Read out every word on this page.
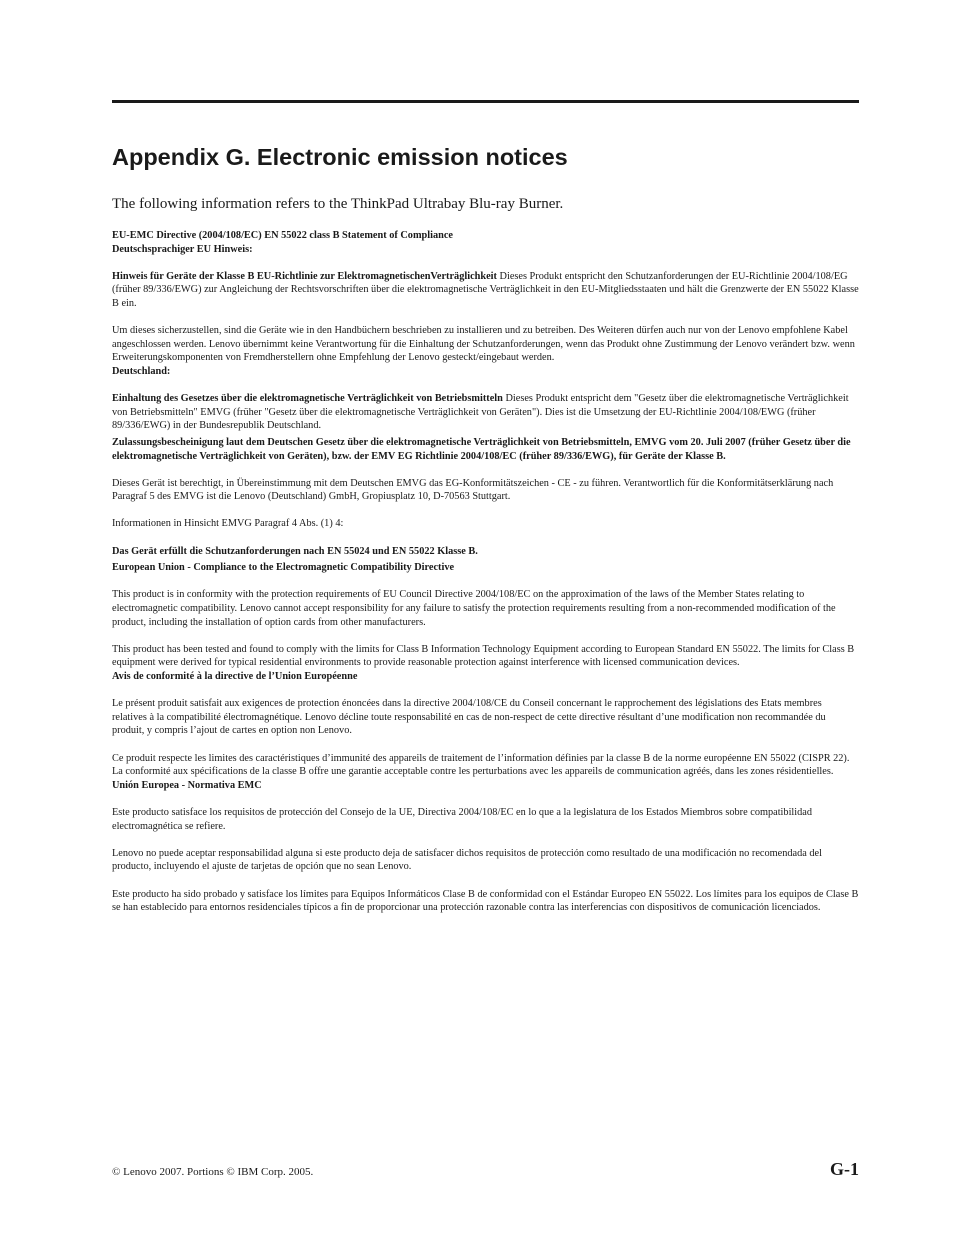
Appendix G. Electronic emission notices

The following information refers to the ThinkPad Ultrabay Blu-ray Burner.

EU-EMC Directive (2004/108/EC) EN 55022 class B Statement of Compliance

Deutschsprachiger EU Hinweis:

Hinweis für Geräte der Klasse B EU-Richtlinie zur ElektromagnetischenVerträglichkeit Dieses Produkt entspricht den Schutzanforderungen der EU-Richtlinie 2004/108/EG (früher 89/336/EWG) zur Angleichung der Rechtsvorschriften über die elektromagnetische Verträglichkeit in den EU-Mitgliedsstaaten und hält die Grenzwerte der EN 55022 Klasse B ein.

Um dieses sicherzustellen, sind die Geräte wie in den Handbüchern beschrieben zu installieren und zu betreiben. Des Weiteren dürfen auch nur von der Lenovo empfohlene Kabel angeschlossen werden. Lenovo übernimmt keine Verantwortung für die Einhaltung der Schutzanforderungen, wenn das Produkt ohne Zustimmung der Lenovo verändert bzw. wenn Erweiterungskomponenten von Fremdherstellern ohne Empfehlung der Lenovo gesteckt/eingebaut werden.

Deutschland:

Einhaltung des Gesetzes über die elektromagnetische Verträglichkeit von Betriebsmitteln Dieses Produkt entspricht dem "Gesetz über die elektromagnetische Verträglichkeit von Betriebsmitteln" EMVG (früher "Gesetz über die elektromagnetische Verträglichkeit von Geräten"). Dies ist die Umsetzung der EU-Richtlinie 2004/108/EWG (früher 89/336/EWG) in der Bundesrepublik Deutschland.

Zulassungsbescheinigung laut dem Deutschen Gesetz über die elektromagnetische Verträglichkeit von Betriebsmitteln, EMVG vom 20. Juli 2007 (früher Gesetz über die elektromagnetische Verträglichkeit von Geräten), bzw. der EMV EG Richtlinie 2004/108/EC (früher 89/336/EWG), für Geräte der Klasse B.

Dieses Gerät ist berechtigt, in Übereinstimmung mit dem Deutschen EMVG das EG-Konformitätszeichen - CE - zu führen. Verantwortlich für die Konformitätserklärung nach Paragraf 5 des EMVG ist die Lenovo (Deutschland) GmbH, Gropiusplatz 10, D-70563 Stuttgart.

Informationen in Hinsicht EMVG Paragraf 4 Abs. (1) 4:

Das Gerät erfüllt die Schutzanforderungen nach EN 55024 und EN 55022 Klasse B.

European Union - Compliance to the Electromagnetic Compatibility Directive

This product is in conformity with the protection requirements of EU Council Directive 2004/108/EC on the approximation of the laws of the Member States relating to electromagnetic compatibility. Lenovo cannot accept responsibility for any failure to satisfy the protection requirements resulting from a non-recommended modification of the product, including the installation of option cards from other manufacturers.

This product has been tested and found to comply with the limits for Class B Information Technology Equipment according to European Standard EN 55022. The limits for Class B equipment were derived for typical residential environments to provide reasonable protection against interference with licensed communication devices.

Avis de conformité à la directive de l’Union Européenne

Le présent produit satisfait aux exigences de protection énoncées dans la directive 2004/108/CE du Conseil concernant le rapprochement des législations des Etats membres relatives à la compatibilité électromagnétique. Lenovo décline toute responsabilité en cas de non-respect de cette directive résultant d’une modification non recommandée du produit, y compris l’ajout de cartes en option non Lenovo.

Ce produit respecte les limites des caractéristiques d’immunité des appareils de traitement de l’information définies par la classe B de la norme européenne EN 55022 (CISPR 22). La conformité aux spécifications de la classe B offre une garantie acceptable contre les perturbations avec les appareils de communication agréés, dans les zones résidentielles.

Unión Europea - Normativa EMC

Este producto satisface los requisitos de protección del Consejo de la UE, Directiva 2004/108/EC en lo que a la legislatura de los Estados Miembros sobre compatibilidad electromagnética se refiere.

Lenovo no puede aceptar responsabilidad alguna si este producto deja de satisfacer dichos requisitos de protección como resultado de una modificación no recomendada del producto, incluyendo el ajuste de tarjetas de opción que no sean Lenovo.

Este producto ha sido probado y satisface los límites para Equipos Informáticos Clase B de conformidad con el Estándar Europeo EN 55022. Los límites para los equipos de Clase B se han establecido para entornos residenciales típicos a fin de proporcionar una protección razonable contra las interferencias con dispositivos de comunicación licenciados.

© Lenovo 2007. Portions © IBM Corp. 2005.	G-1
